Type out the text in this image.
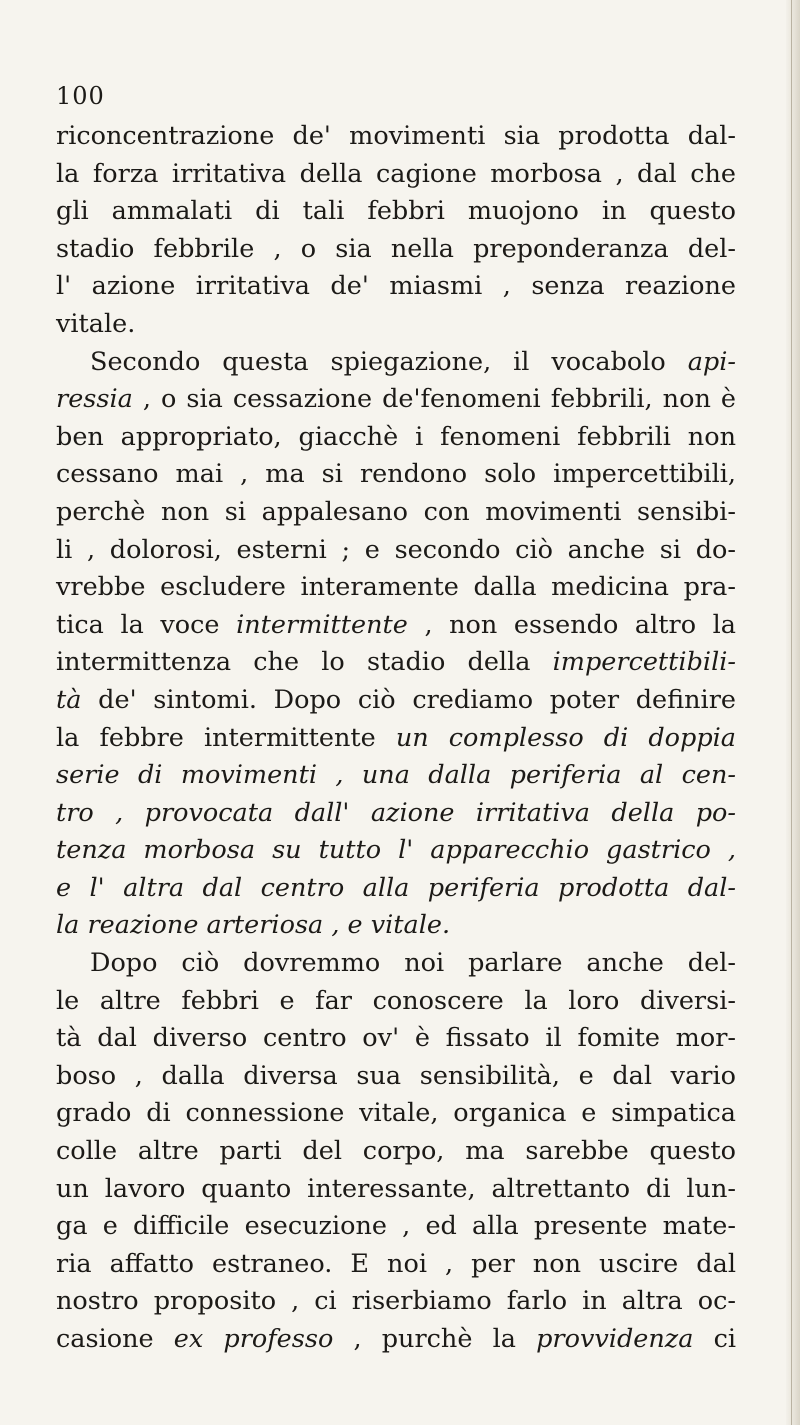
100
riconcentrazione de' movimenti sia prodotta dal-
la forza irritativa della cagione morbosa , dal che
gli ammalati di tali febbri muojono in questo
stadio febbrile , o sia nella preponderanza del-
l' azione irritativa de' miasmi , senza reazione
vitale.
Secondo questa spiegazione, il vocabolo api-
ressia , o sia cessazione de'fenomeni febbrili, non è
ben appropriato, giacchè i fenomeni febbrili non
cessano mai , ma si rendono solo impercettibili,
perchè non si appalesano con movimenti sensibi-
li , dolorosi, esterni ; e secondo ciò anche si do-
vrebbe escludere interamente dalla medicina pra-
tica la voce intermittente , non essendo altro la
intermittenza che lo stadio della impercettibili-
tà de' sintomi. Dopo ciò crediamo poter definire
la febbre intermittente un complesso di doppia
serie di movimenti , una dalla periferia al cen-
tro , provocata dall' azione irritativa della po-
tenza morbosa su tutto l' apparecchio gastrico ,
e l' altra dal centro alla periferia prodotta dal-
la reazione arteriosa , e vitale.
Dopo ciò dovremmo noi parlare anche del-
le altre febbri e far conoscere la loro diversi-
tà dal diverso centro ov' è fissato il fomite mor-
boso , dalla diversa sua sensibilità, e dal vario
grado di connessione vitale, organica e simpatica
colle altre parti del corpo, ma sarebbe questo
un lavoro quanto interessante, altrettanto di lun-
ga e difficile esecuzione , ed alla presente mate-
ria affatto estraneo. E noi , per non uscire dal
nostro proposito , ci riserbiamo farlo in altra oc-
casione ex professo , purchè la provvidenza ci
